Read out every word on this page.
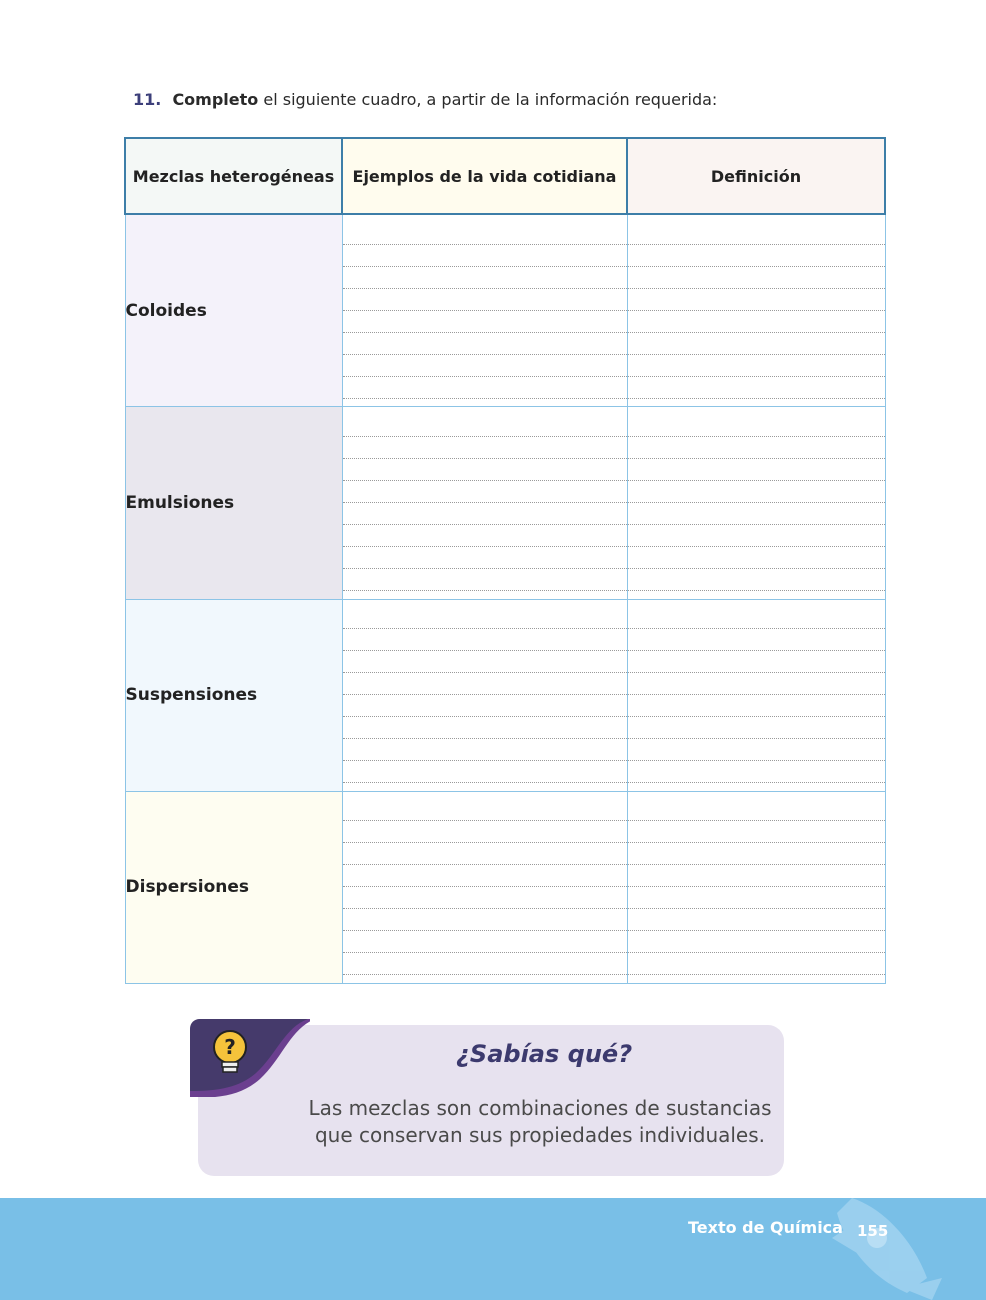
11. Completo el siguiente cuadro, a partir de la información requerida:
Mezclas heterogéneas	Ejemplos de la vida cotidiana	Definición
Coloides	

Emulsiones	

Suspensiones	

Dispersiones	

?	¿Sabías qué?
Las mezclas son combinaciones de sustancias
que conservan sus propiedades individuales.
Texto de Química 155
